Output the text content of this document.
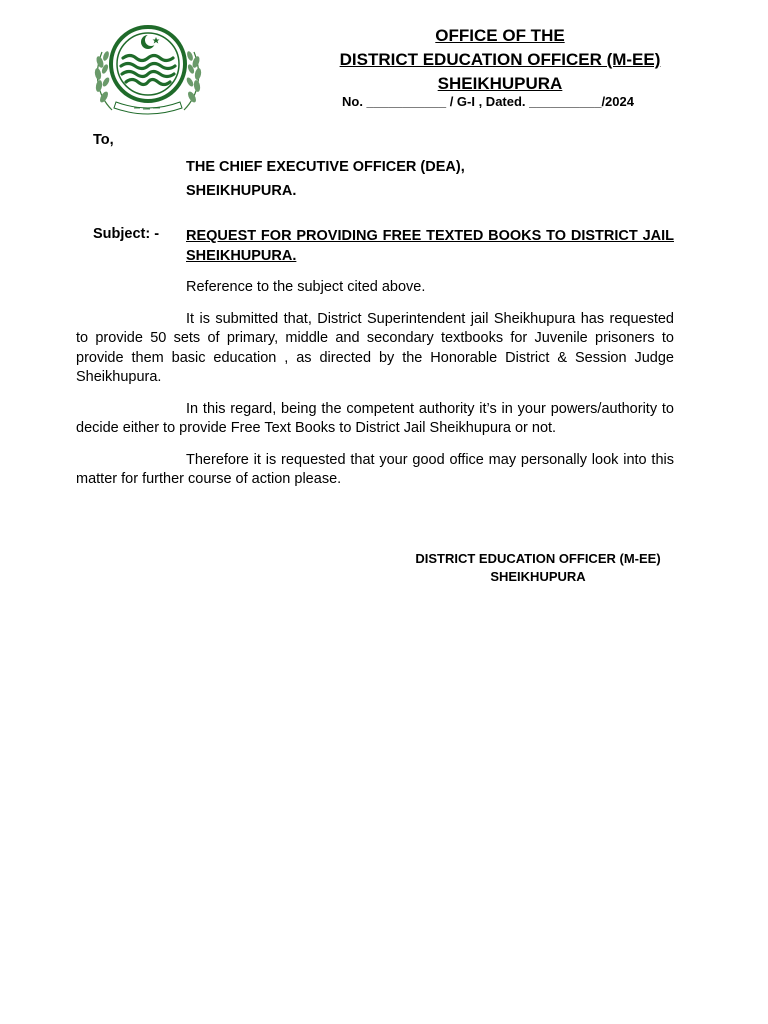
OFFICE OF THE
DISTRICT EDUCATION OFFICER (M-EE)
SHEIKHUPURA
No. ___________ / G-I , Dated. __________/2024
To,
THE CHIEF EXECUTIVE OFFICER (DEA),
SHEIKHUPURA.
Subject: - REQUEST FOR PROVIDING FREE TEXTED BOOKS TO DISTRICT JAIL SHEIKHUPURA.

Reference to the subject cited above.

It is submitted that, District Superintendent jail Sheikhupura has requested to provide 50 sets of primary, middle and secondary textbooks for Juvenile prisoners to provide them basic education , as directed by the Honorable District & Session Judge Sheikhupura.

In this regard, being the competent authority it’s in your powers/authority to decide either to provide Free Text Books to District Jail Sheikhupura or not.

Therefore it is requested that your good office may personally look into this matter for further course of action please.

DISTRICT EDUCATION OFFICER (M-EE)
SHEIKHUPURA
